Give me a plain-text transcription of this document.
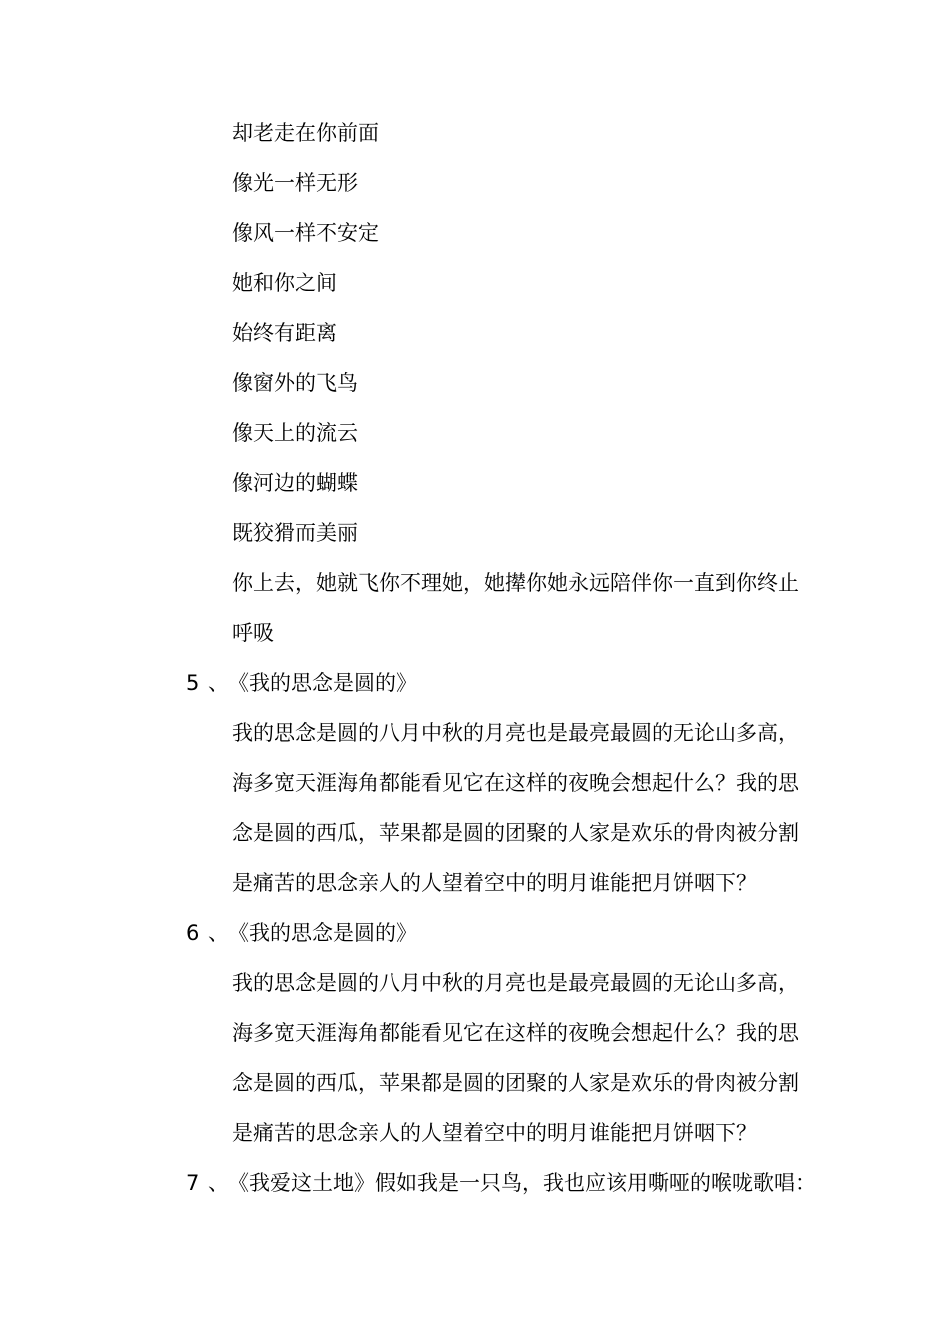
却老走在你前面
像光一样无形
像风一样不安定
她和你之间
始终有距离
像窗外的飞鸟
像天上的流云
像河边的蝴蝶
既狡猾而美丽
你上去，她就飞你不理她，她撵你她永远陪伴你一直到你终止
呼吸
5 、《我的思念是圆的》
我的思念是圆的八月中秋的月亮也是最亮最圆的无论山多高，
海多宽天涯海角都能看见它在这样的夜晚会想起什么？我的思
念是圆的西瓜，苹果都是圆的团聚的人家是欢乐的骨肉被分割
是痛苦的思念亲人的人望着空中的明月谁能把月饼咽下？
6 、《我的思念是圆的》
我的思念是圆的八月中秋的月亮也是最亮最圆的无论山多高，
海多宽天涯海角都能看见它在这样的夜晚会想起什么？我的思
念是圆的西瓜，苹果都是圆的团聚的人家是欢乐的骨肉被分割
是痛苦的思念亲人的人望着空中的明月谁能把月饼咽下？
7 、《我爱这土地》假如我是一只鸟，我也应该用嘶哑的喉咙歌唱：
